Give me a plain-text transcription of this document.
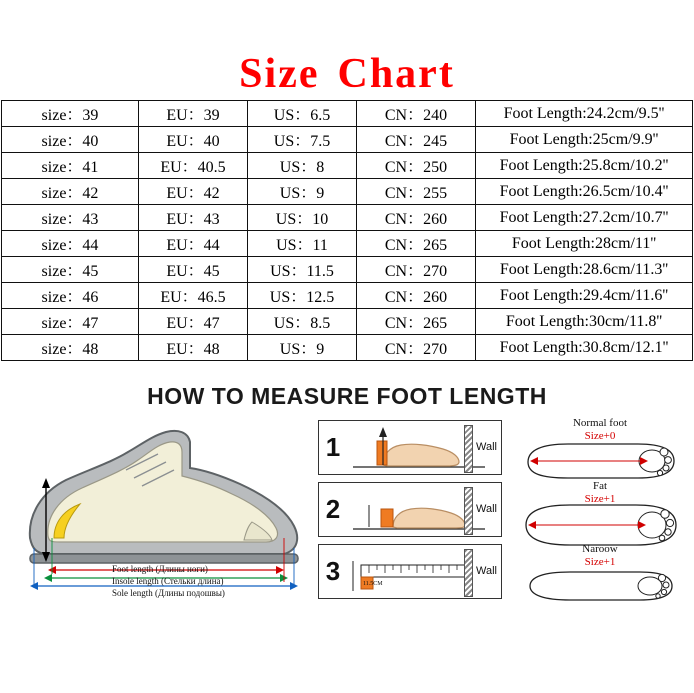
Size Chart
size：39	EU：39	US：6.5	CN：240	Foot Length:24.2cm/9.5''
size：40	EU：40	US：7.5	CN：245	Foot Length:25cm/9.9''
size：41	EU：40.5	US：8	CN：250	Foot Length:25.8cm/10.2''
size：42	EU：42	US：9	CN：255	Foot Length:26.5cm/10.4''
size：43	EU：43	US：10	CN：260	Foot Length:27.2cm/10.7''
size：44	EU：44	US：11	CN：265	Foot Length:28cm/11''
size：45	EU：45	US：11.5	CN：270	Foot Length:28.6cm/11.3''
size：46	EU：46.5	US：12.5	CN：260	Foot Length:29.4cm/11.6''
size：47	EU：47	US：8.5	CN：265	Foot Length:30cm/11.8''
size：48	EU：48	US：9	CN：270	Foot Length:30.8cm/12.1''
HOW TO MEASURE FOOT LENGTH
Foot length (Длины ноги)
Insole length (Стельки длина)
Sole length (Длины подошвы)
1	Wall
2	Wall
3	11.5CM
Wall
Normal foot
Size+0
Fat
Size+1
Naroow
Size+1
